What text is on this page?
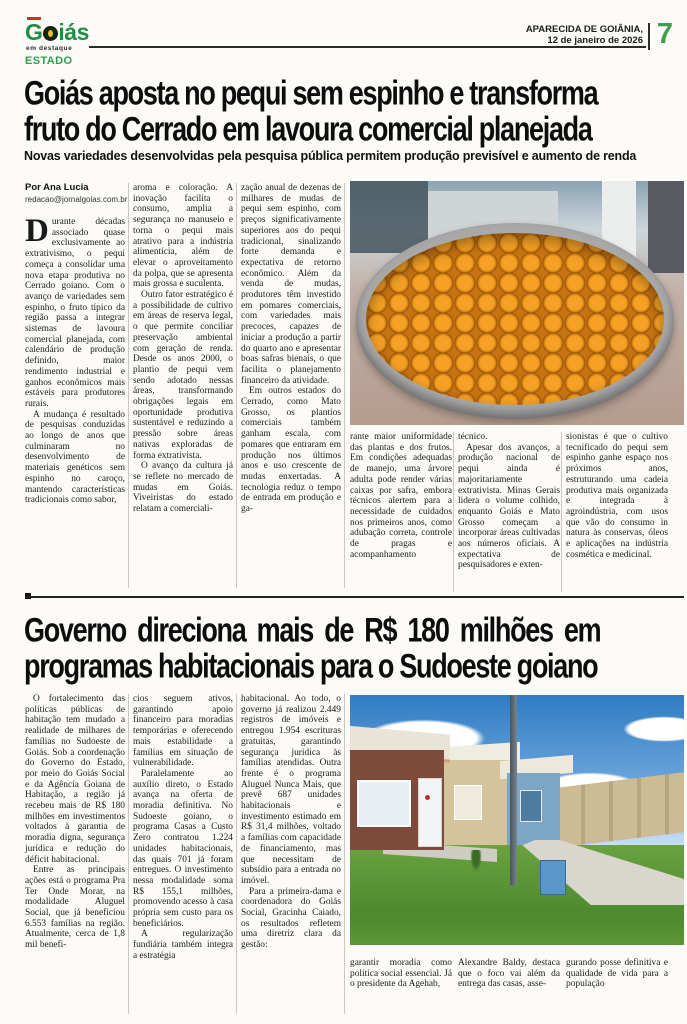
G iás
em destaque
APARECIDA DE GOIÂNIA,
12 de janeiro de 2026 7
ESTADO
Goiás aposta no pequi sem espinho e transforma
fruto do Cerrado em lavoura comercial planejada
Novas variedades desenvolvidas pela pesquisa pública permitem produção previsível e aumento de renda
Por Ana Lucia
redacao@jornalgoias.com.br

Durante décadas associado quase exclusivamente ao extrativismo, o pequi começa a consolidar uma nova etapa produtiva no Cerrado goiano. Com o avanço de variedades sem espinho, o fruto típico da região passa a integrar sistemas de lavoura comercial planejada, com calendário de produção definido, maior rendimento industrial e ganhos econômicos mais estáveis para produtores rurais.

A mudança é resultado de pesquisas conduzidas ao longo de anos que culminaram no desenvolvimento de materiais genéticos sem espinho no caroço, mantendo características tradicionais como sabor,

aroma e coloração. A inovação facilita o consumo, amplia a segurança no manuseio e torna o pequi mais atrativo para a indústria alimentícia, além de elevar o aproveitamento da polpa, que se apresenta mais grossa e suculenta.

Outro fator estratégico é a possibilidade de cultivo em áreas de reserva legal, o que permite conciliar preservação ambiental com geração de renda. Desde os anos 2000, o plantio de pequi vem sendo adotado nessas áreas, transformando obrigações legais em oportunidade produtiva sustentável e reduzindo a pressão sobre áreas nativas exploradas de forma extrativista.

O avanço da cultura já se reflete no mercado de mudas em Goiás. Viveiristas do estado relatam a comerciali-

zação anual de dezenas de milhares de mudas de pequi sem espinho, com preços significativamente superiores aos do pequi tradicional, sinalizando forte demanda e expectativa de retorno econômico. Além da venda de mudas, produtores têm investido em pomares comerciais, com variedades mais precoces, capazes de iniciar a produção a partir do quarto ano e apresentar boas safras bienais, o que facilita o planejamento financeiro da atividade.

Em outros estados do Cerrado, como Mato Grosso, os plantios comerciais também ganham escala, com pomares que entraram em produção nos últimos anos e uso crescente de mudas enxertadas. A tecnologia reduz o tempo de entrada em produção e ga-

rante maior uniformidade das plantas e dos frutos. Em condições adequadas de manejo, uma árvore adulta pode render várias caixas por safra, embora técnicos alertem para a necessidade de cuidados nos primeiros anos, como adubação correta, controle de pragas e acompanhamento

técnico.

Apesar dos avanços, a produção nacional de pequi ainda é majoritariamente extrativista. Minas Gerais lidera o volume colhido, enquanto Goiás e Mato Grosso começam a incorporar áreas cultivadas aos números oficiais. A expectativa de pesquisadores e exten-

sionistas é que o cultivo tecnificado do pequi sem espinho ganhe espaço nos próximos anos, estruturando uma cadeia produtiva mais organizada e integrada à agroindústria, com usos que vão do consumo in natura às conservas, óleos e aplicações na indústria cosmética e medicinal.

Governo direciona mais de R$ 180 milhões em
programas habitacionais para o Sudoeste goiano

O fortalecimento das políticas públicas de habitação tem mudado a realidade de milhares de famílias no Sudoeste de Goiás. Sob a coordenação do Governo do Estado, por meio do Goiás Social e da Agência Goiana de Habitação, a região já recebeu mais de R$ 180 milhões em investimentos voltados à garantia de moradia digna, segurança jurídica e redução do déficit habitacional.

Entre as principais ações está o programa Pra Ter Onde Morar, na modalidade Aluguel Social, que já beneficiou 6.553 famílias na região. Atualmente, cerca de 1,8 mil benefi-

cios seguem ativos, garantindo apoio financeiro para moradias temporárias e oferecendo mais estabilidade a famílias em situação de vulnerabilidade.

Paralelamente ao auxílio direto, o Estado avança na oferta de moradia definitiva. No Sudoeste goiano, o programa Casas a Custo Zero contratou 1.224 unidades habitacionais, das quais 701 já foram entregues. O investimento nessa modalidade soma R$ 155,1 milhões, promovendo acesso à casa própria sem custo para os beneficiários.

A regularização fundiária também integra a estratégia

habitacional. Ao todo, o governo já realizou 2.449 registros de imóveis e entregou 1.954 escrituras gratuitas, garantindo segurança jurídica às famílias atendidas. Outra frente é o programa Aluguel Nunca Mais, que prevê 687 unidades habitacionais e investimento estimado em R$ 31,4 milhões, voltado a famílias com capacidade de financiamento, mas que necessitam de subsídio para a entrada no imóvel.

Para a primeira-dama e coordenadora do Goiás Social, Gracinha Caiado, os resultados refletem uma diretriz clara da gestão:

garantir moradia como política social essencial. Já o presidente da Agehab,

Alexandre Baldy, destaca que o foco vai além da entrega das casas, asse-

gurando posse definitiva e qualidade de vida para a população
